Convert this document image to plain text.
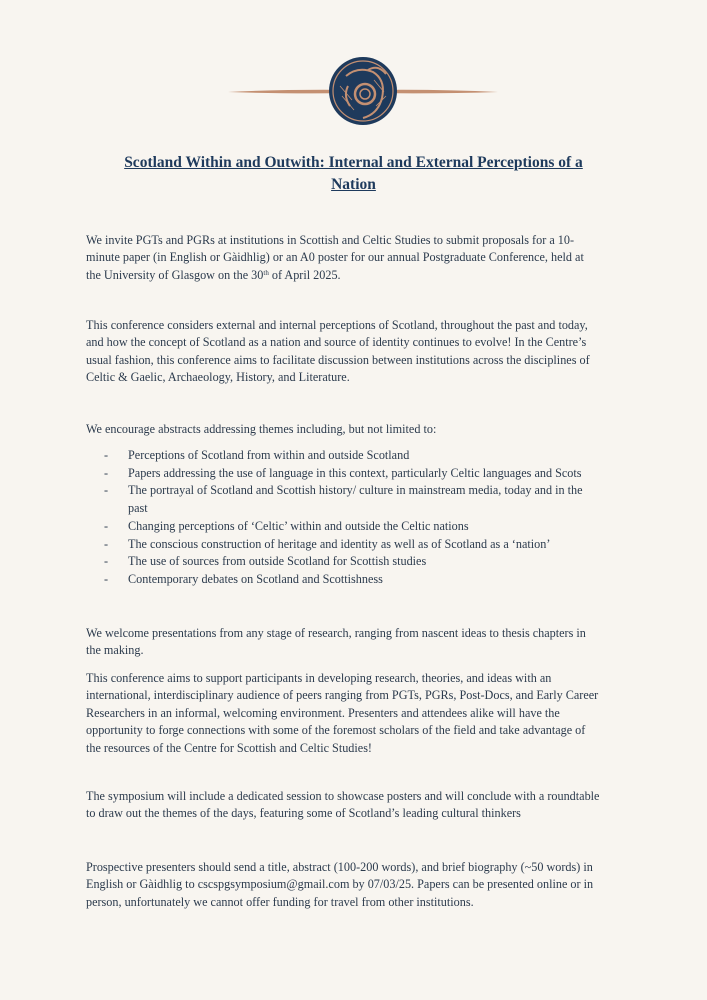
Scotland Within and Outwith: Internal and External Perceptions of a
Nation
We invite PGTs and PGRs at institutions in Scottish and Celtic Studies to submit proposals for a 10-
minute paper (in English or Gàidhlig) or an A0 poster for our annual Postgraduate Conference, held at
the University of Glasgow on the 30th of April 2025.
This conference considers external and internal perceptions of Scotland, throughout the past and today,
and how the concept of Scotland as a nation and source of identity continues to evolve! In the Centre’s
usual fashion, this conference aims to facilitate discussion between institutions across the disciplines of
Celtic & Gaelic, Archaeology, History, and Literature.
We encourage abstracts addressing themes including, but not limited to:
- Perceptions of Scotland from within and outside Scotland
- Papers addressing the use of language in this context, particularly Celtic languages and Scots
- The portrayal of Scotland and Scottish history/ culture in mainstream media, today and in the
past
- Changing perceptions of ‘Celtic’ within and outside the Celtic nations
- The conscious construction of heritage and identity as well as of Scotland as a ‘nation’
- The use of sources from outside Scotland for Scottish studies
- Contemporary debates on Scotland and Scottishness
We welcome presentations from any stage of research, ranging from nascent ideas to thesis chapters in
the making.
This conference aims to support participants in developing research, theories, and ideas with an
international, interdisciplinary audience of peers ranging from PGTs, PGRs, Post-Docs, and Early Career
Researchers in an informal, welcoming environment. Presenters and attendees alike will have the
opportunity to forge connections with some of the foremost scholars of the field and take advantage of
the resources of the Centre for Scottish and Celtic Studies!
The symposium will include a dedicated session to showcase posters and will conclude with a roundtable
to draw out the themes of the days, featuring some of Scotland’s leading cultural thinkers
Prospective presenters should send a title, abstract (100-200 words), and brief biography (~50 words) in
English or Gàidhlig to cscspgsymposium@gmail.com by 07/03/25. Papers can be presented online or in
person, unfortunately we cannot offer funding for travel from other institutions.
